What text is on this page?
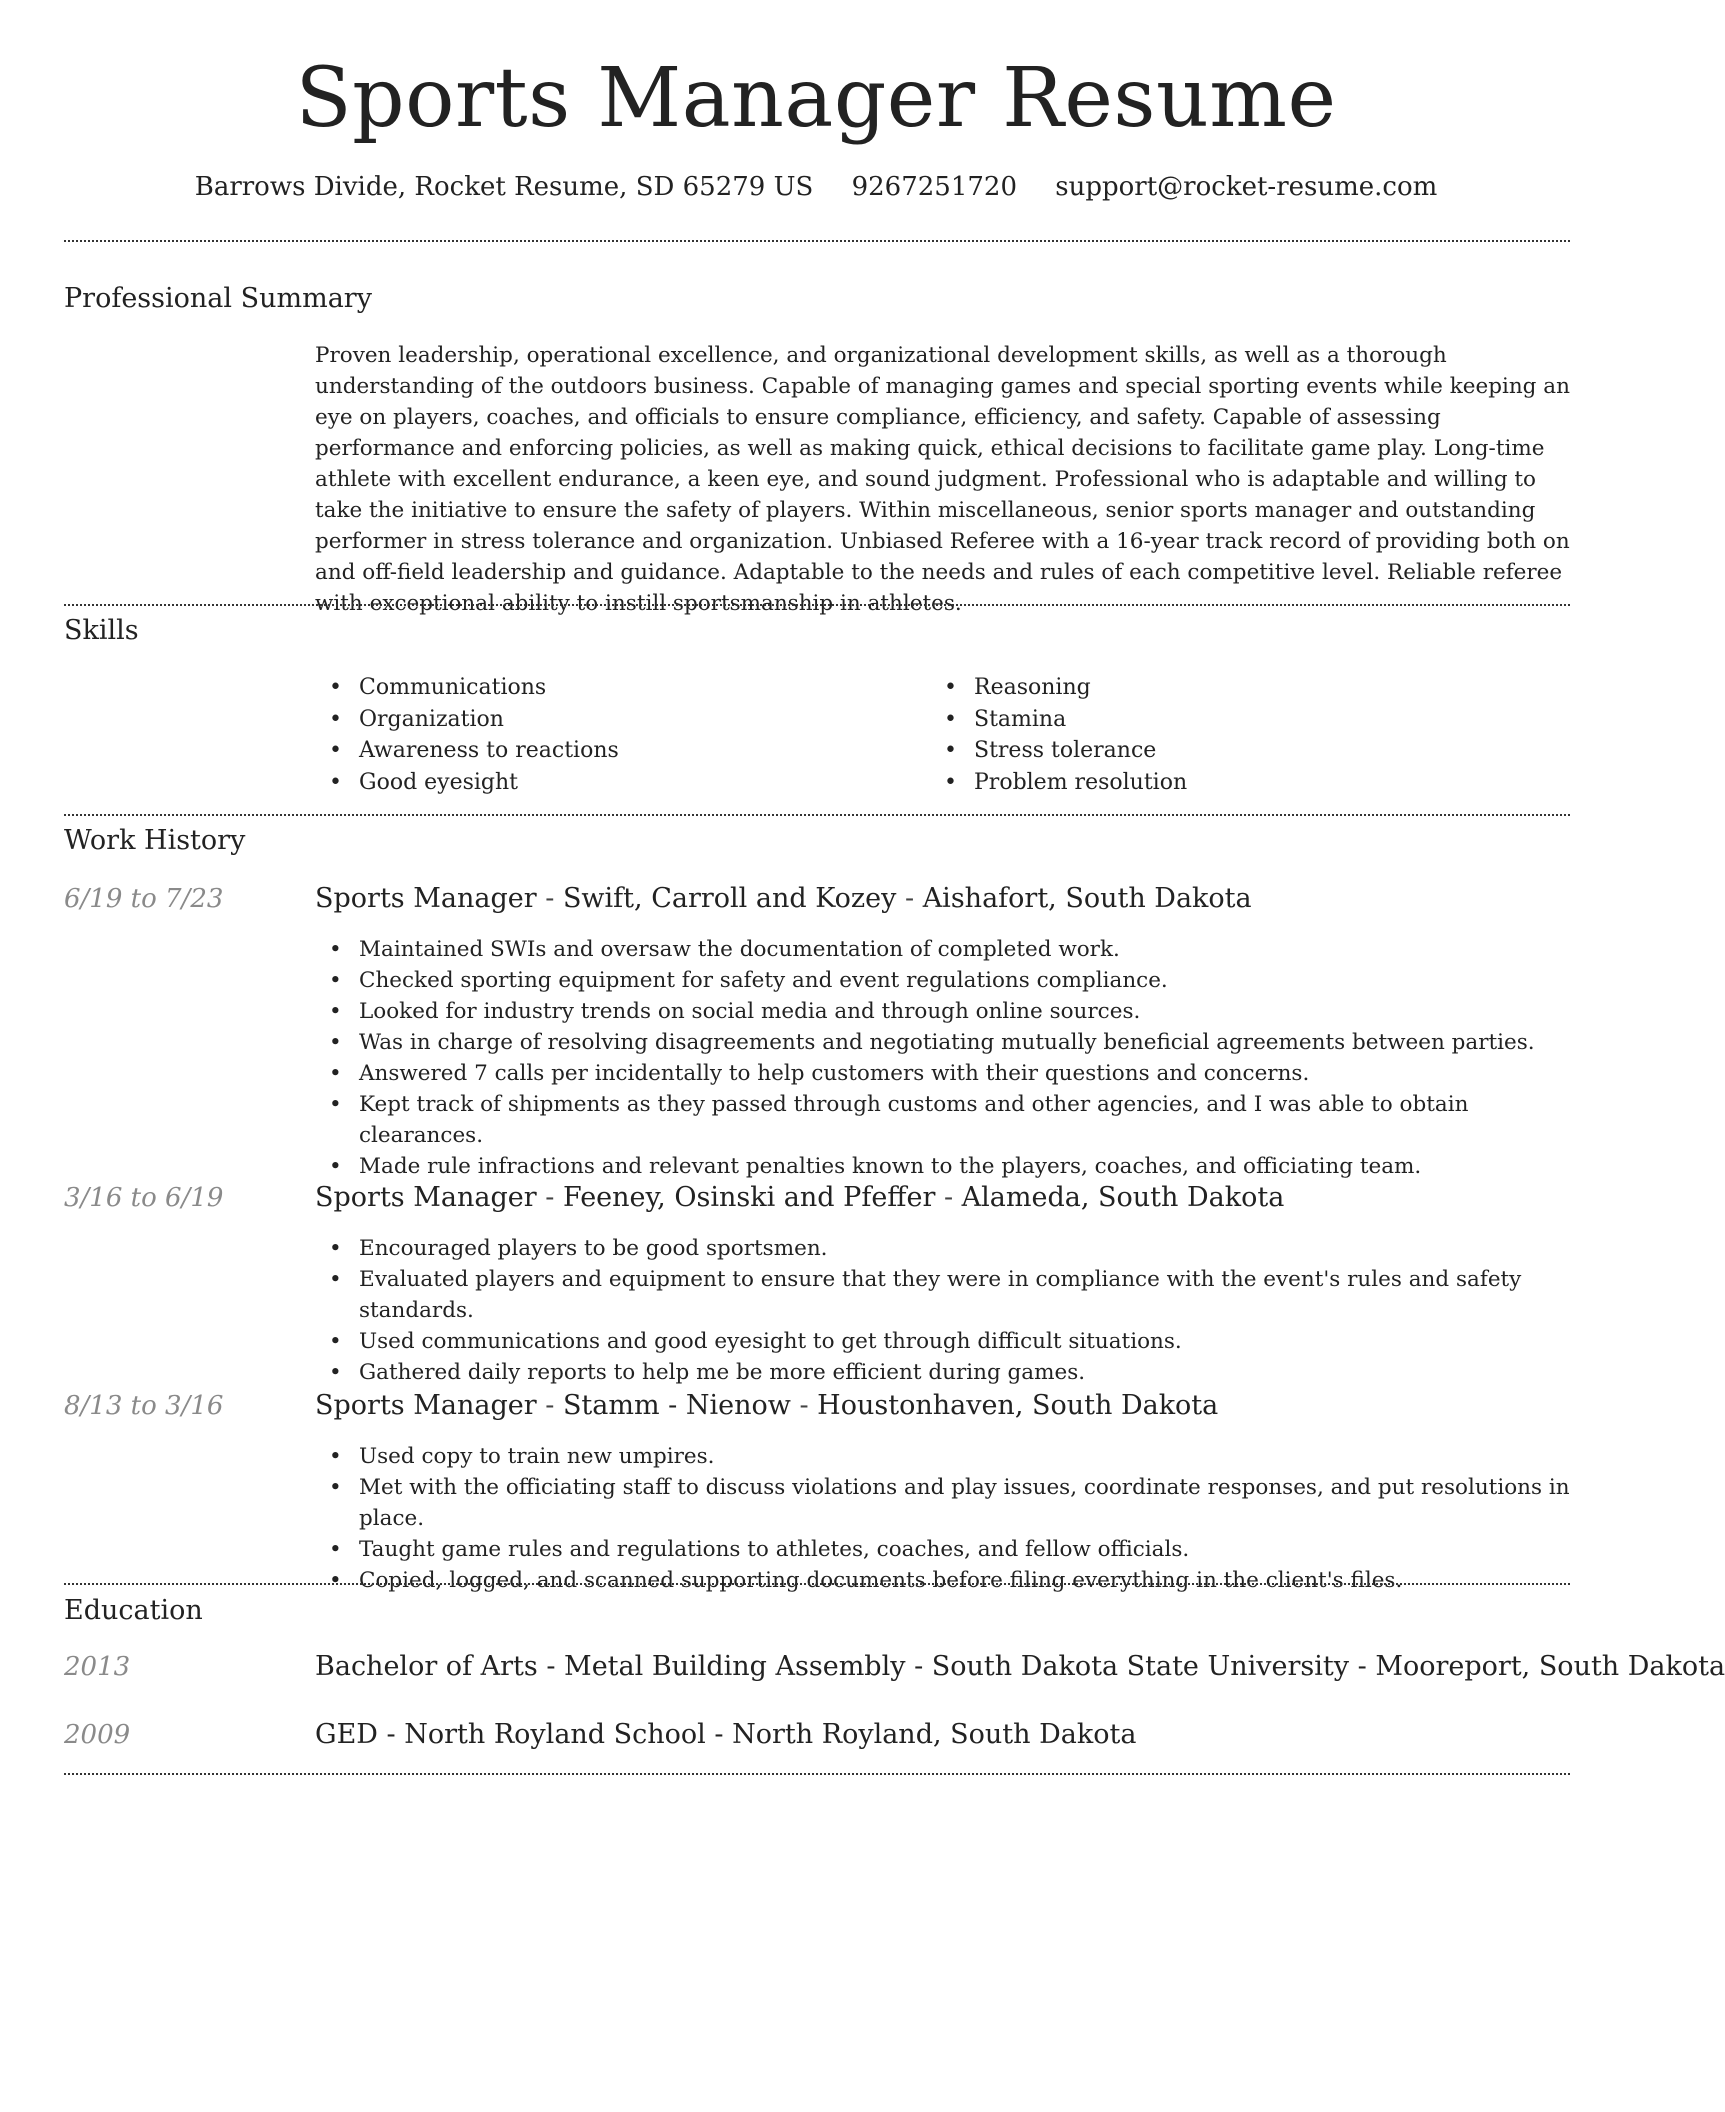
Sports Manager Resume
Barrows Divide, Rocket Resume, SD 65279 US 9267251720 support@rocket-resume.com
Professional Summary

Proven leadership, operational excellence, and organizational development skills, as well as a thorough understanding of the outdoors business. Capable of managing games and special sporting events while keeping an eye on players, coaches, and officials to ensure compliance, efficiency, and safety. Capable of assessing performance and enforcing policies, as well as making quick, ethical decisions to facilitate game play. Long-time athlete with excellent endurance, a keen eye, and sound judgment. Professional who is adaptable and willing to take the initiative to ensure the safety of players. Within miscellaneous, senior sports manager and outstanding performer in stress tolerance and organization. Unbiased Referee with a 16-year track record of providing both on and off-field leadership and guidance. Adaptable to the needs and rules of each competitive level. Reliable referee with exceptional ability to instill sportsmanship in athletes.

Skills
• Communications
• Organization
• Awareness to reactions
• Good eyesight
• Reasoning
• Stamina
• Stress tolerance
• Problem resolution
Work History
6/19 to 7/23	Sports Manager - Swift, Carroll and Kozey - Aishafort, South Dakota
• Maintained SWIs and oversaw the documentation of completed work.
• Checked sporting equipment for safety and event regulations compliance.
• Looked for industry trends on social media and through online sources.
• Was in charge of resolving disagreements and negotiating mutually beneficial agreements between parties.
• Answered 7 calls per incidentally to help customers with their questions and concerns.
• Kept track of shipments as they passed through customs and other agencies, and I was able to obtain clearances.
• Made rule infractions and relevant penalties known to the players, coaches, and officiating team.
3/16 to 6/19	Sports Manager - Feeney, Osinski and Pfeffer - Alameda, South Dakota
• Encouraged players to be good sportsmen.
• Evaluated players and equipment to ensure that they were in compliance with the event's rules and safety standards.
• Used communications and good eyesight to get through difficult situations.
• Gathered daily reports to help me be more efficient during games.
8/13 to 3/16	Sports Manager - Stamm - Nienow - Houstonhaven, South Dakota
• Used copy to train new umpires.
• Met with the officiating staff to discuss violations and play issues, coordinate responses, and put resolutions in place.
• Taught game rules and regulations to athletes, coaches, and fellow officials.
• Copied, logged, and scanned supporting documents before filing everything in the client's files.
Education
2013	Bachelor of Arts - Metal Building Assembly - South Dakota State University - Mooreport, South Dakota
2009	GED - North Royland School - North Royland, South Dakota
